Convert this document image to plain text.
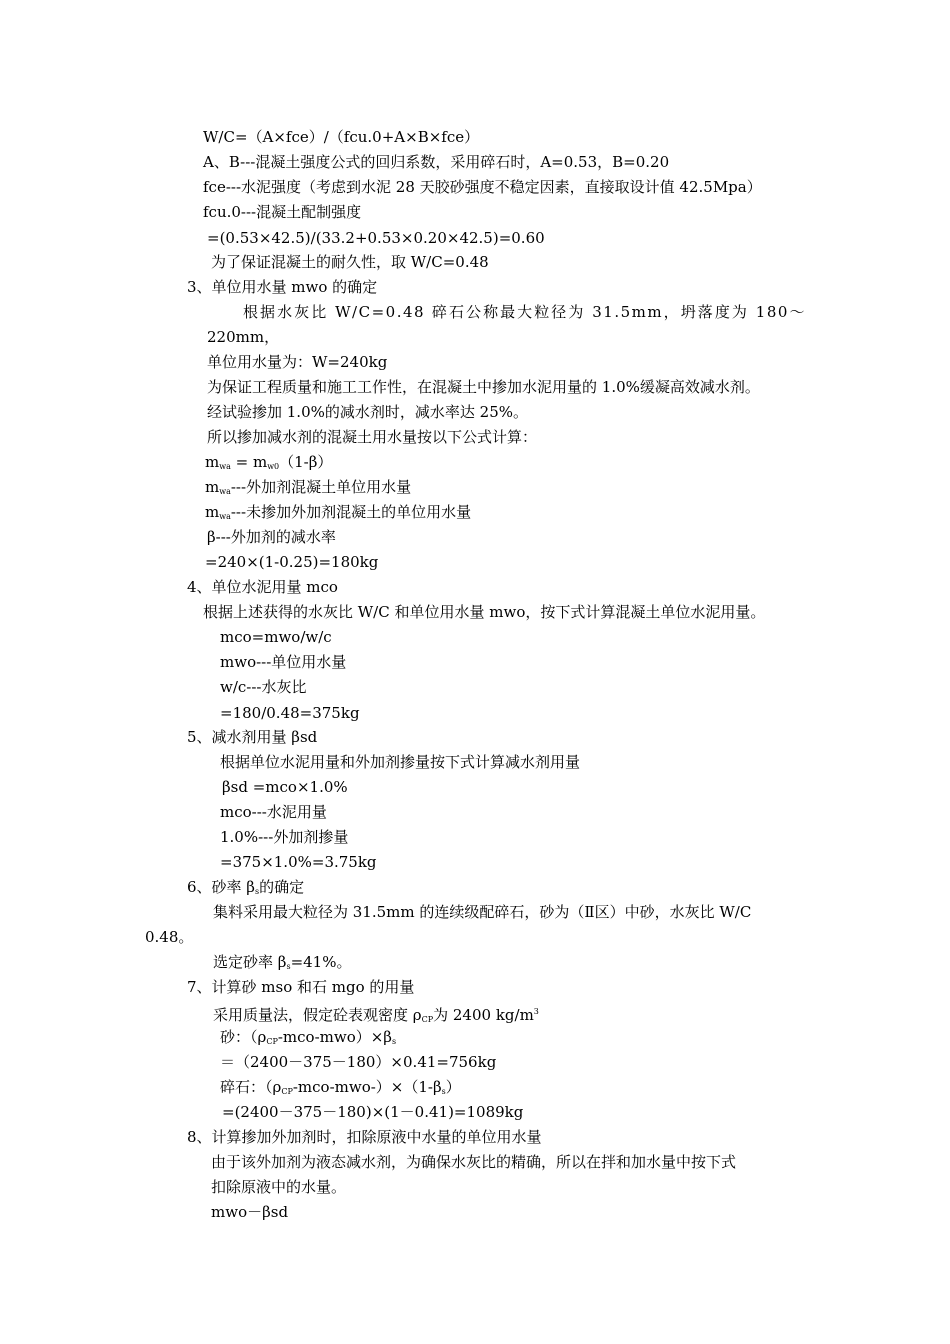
W/C=（A×fce）/（fcu.0+A×B×fce）
A、B---混凝土强度公式的回归系数，采用碎石时，A=0.53，B=0.20
fce---水泥强度（考虑到水泥 28 天胶砂强度不稳定因素，直接取设计值 42.5Mpa）
fcu.0---混凝土配制强度
=(0.53×42.5)/(33.2+0.53×0.20×42.5)=0.60
为了保证混凝土的耐久性，取 W/C=0.48
3、单位用水量 mwo 的确定
根据水灰比 W/C=0.48 碎石公称最大粒径为 31.5mm，坍落度为 180～
220mm，
单位用水量为：W=240kg
为保证工程质量和施工工作性，在混凝土中掺加水泥用量的 1.0%缓凝高效减水剂。
经试验掺加 1.0%的减水剂时，减水率达 25%。
所以掺加减水剂的混凝土用水量按以下公式计算：
$m_{wa} = m_{w0}(1-\beta)$
$m_{wa}---$外加剂混凝土单位用水量
$m_{wa}---$未掺加外加剂混凝土的单位用水量
β---外加剂的减水率
=240×(1-0.25)=180kg
4、单位水泥用量 mco
根据上述获得的水灰比 W/C 和单位用水量 mwo，按下式计算混凝土单位水泥用量。
mco=mwo/w/c
mwo---单位用水量
w/c---水灰比
=180/0.48=375kg
5、减水剂用量 βsd
根据单位水泥用量和外加剂掺量按下式计算减水剂用量
βsd =mco×1.0%
mco---水泥用量
1.0%---外加剂掺量
=375×1.0%=3.75kg
6、砂率 $\beta_s$的确定
集料采用最大粒径为 31.5mm 的连续级配碎石，砂为（Ⅱ区）中砂，水灰比 W/C
0.48。
选定砂率 $\beta_s=41\%$。
7、计算砂 mso 和石 mgo 的用量
采用质量法，假定砼表观密度 $\rho_{CP}$为 2400 $kg/m^3$
砂：$(\rho_{CP}-mco-mwo)\times\beta_s$
＝（2400－375－180）×0.41=756kg
碎石：$(\rho_{CP}-mco-mwo-)\times(1-\beta_s)$
=(2400－375－180)×(1－0.41)=1089kg
8、计算掺加外加剂时，扣除原液中水量的单位用水量
由于该外加剂为液态减水剂，为确保水灰比的精确，所以在拌和加水量中按下式
扣除原液中的水量。
mwo－βsd
